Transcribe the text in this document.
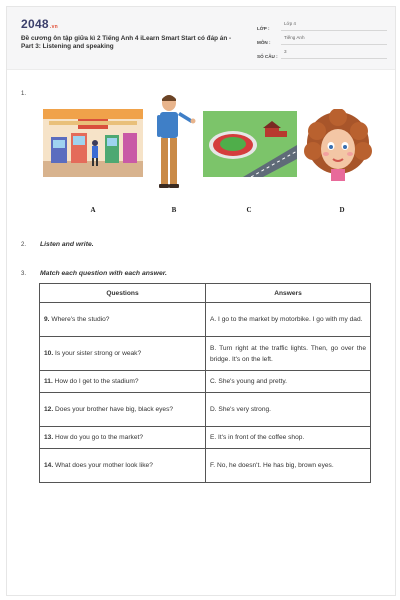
2048.vn
Đề cương ôn tập giữa kì 2 Tiếng Anh 4 iLearn Smart Start có đáp án - Part 3: Listening and speaking
LỚP :
Lớp 4
MÔN :
Tiếng Anh
SỐ CÂU :
3
1.
A	B	C	D
2. Listen and write.
3. Match each question with each answer.
Questions	Answers
9. Where's the studio?	A. I go to the market by motorbike. I go with my dad.
10. Is your sister strong or weak?	B. Turn right at the traffic lights. Then, go over the bridge. It's on the left.
11. How do I get to the stadium?	C. She's young and pretty.
12. Does your brother have big, black eyes?	D. She's very strong.
13. How do you go to the market?	E. It's in front of the coffee shop.
14. What does your mother look like?	F. No, he doesn't. He has big, brown eyes.
